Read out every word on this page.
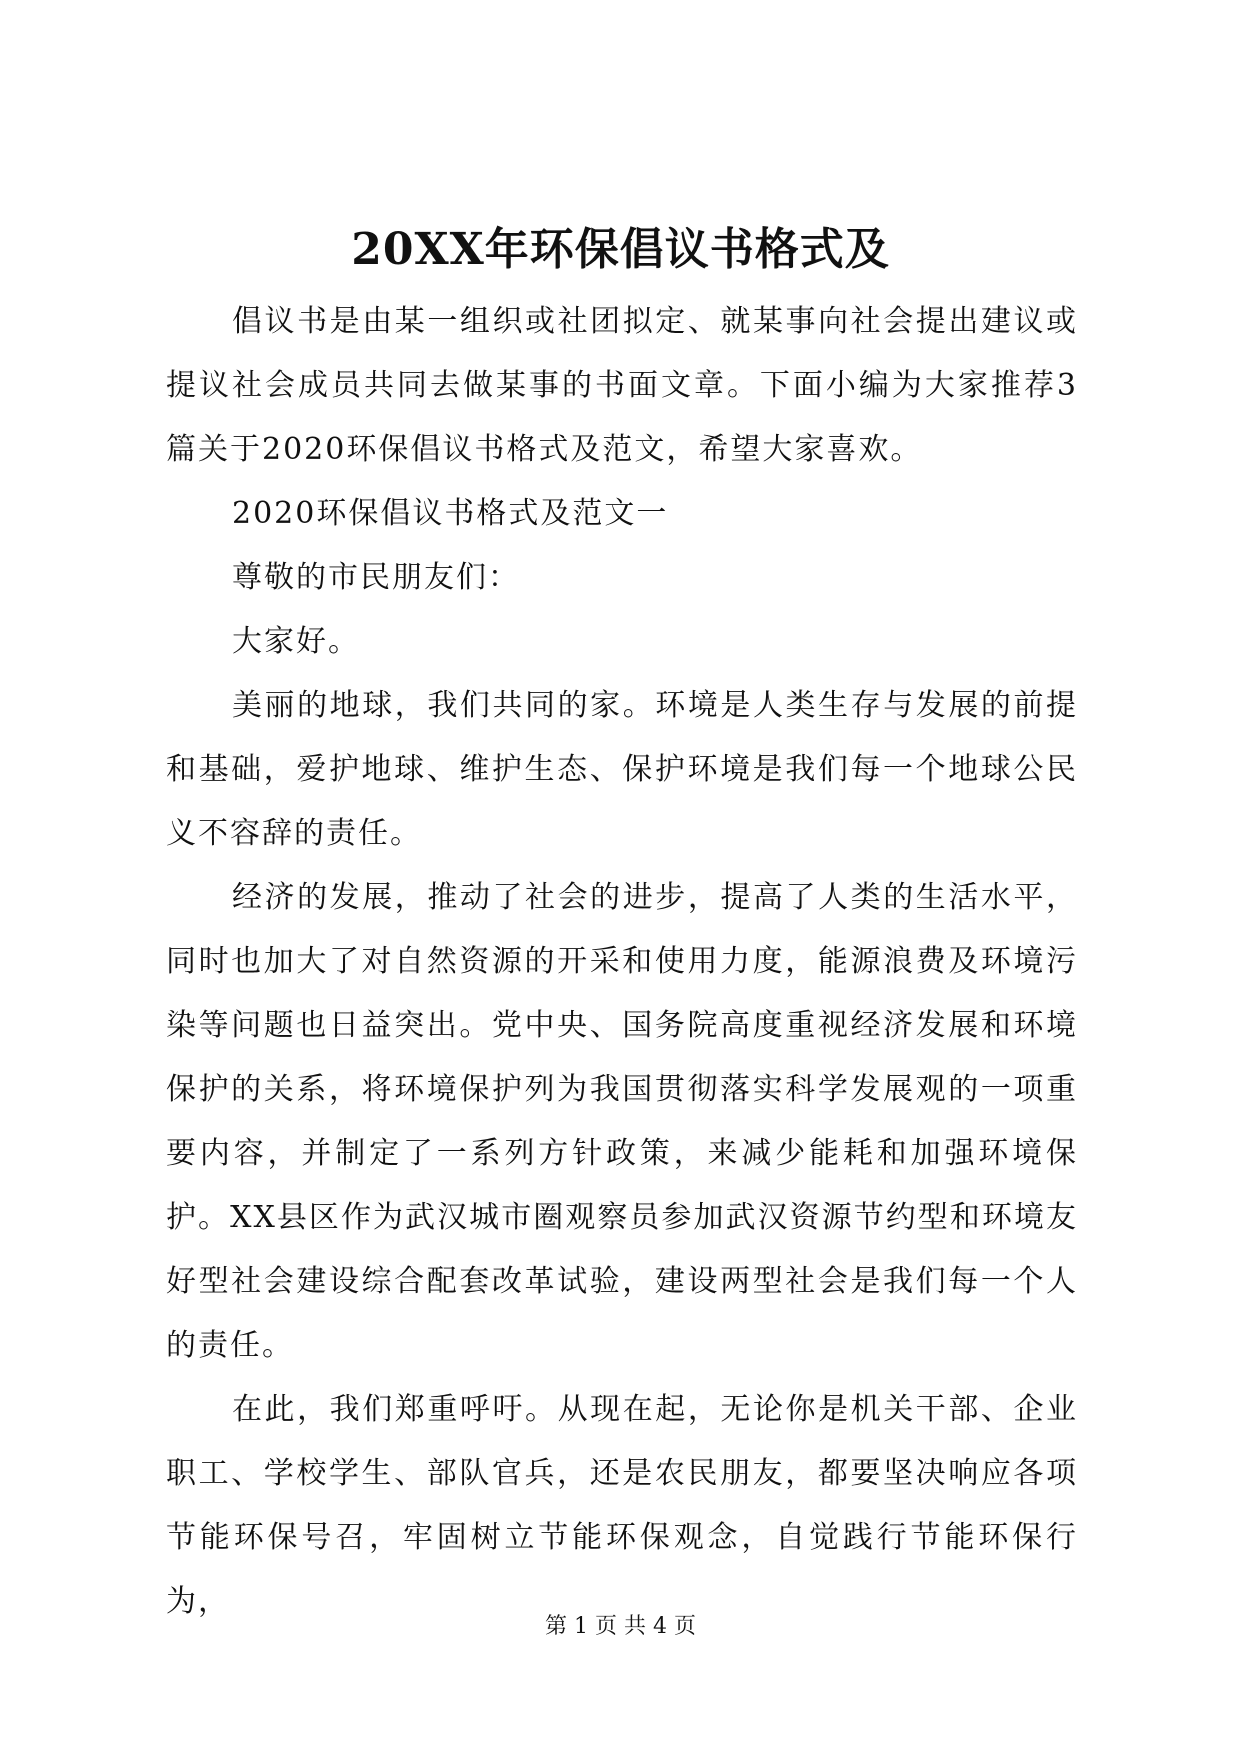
20XX年环保倡议书格式及

倡议书是由某一组织或社团拟定、就某事向社会提出建议或提议社会成员共同去做某事的书面文章。下面小编为大家推荐3篇关于2020环保倡议书格式及范文，希望大家喜欢。

2020环保倡议书格式及范文一

尊敬的市民朋友们：

大家好。

美丽的地球，我们共同的家。环境是人类生存与发展的前提和基础，爱护地球、维护生态、保护环境是我们每一个地球公民义不容辞的责任。

经济的发展，推动了社会的进步，提高了人类的生活水平，同时也加大了对自然资源的开采和使用力度，能源浪费及环境污染等问题也日益突出。党中央、国务院高度重视经济发展和环境保护的关系，将环境保护列为我国贯彻落实科学发展观的一项重要内容，并制定了一系列方针政策，来减少能耗和加强环境保护。XX县区作为武汉城市圈观察员参加武汉资源节约型和环境友好型社会建设综合配套改革试验，建设两型社会是我们每一个人的责任。

在此，我们郑重呼吁。从现在起，无论你是机关干部、企业职工、学校学生、部队官兵，还是农民朋友，都要坚决响应各项节能环保号召，牢固树立节能环保观念，自觉践行节能环保行为，

第 1 页 共 4 页
